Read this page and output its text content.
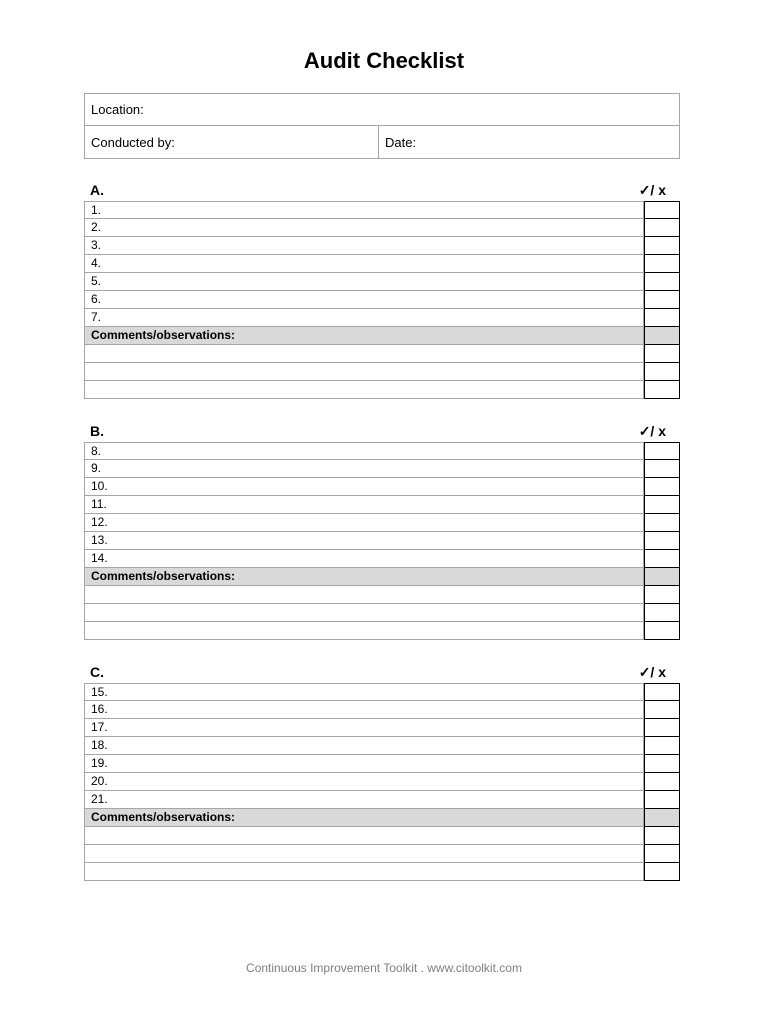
Audit Checklist
Location:
Conducted by:	Date:
A.	✓/ x
1.
2.
3.
4.
5.
6.
7.
Comments/observations:
B.	✓/ x
8.
9.
10.
11.
12.
13.
14.
Comments/observations:
C.	✓/ x
15.
16.
17.
18.
19.
20.
21.
Comments/observations:
Continuous Improvement Toolkit . www.citoolkit.com
